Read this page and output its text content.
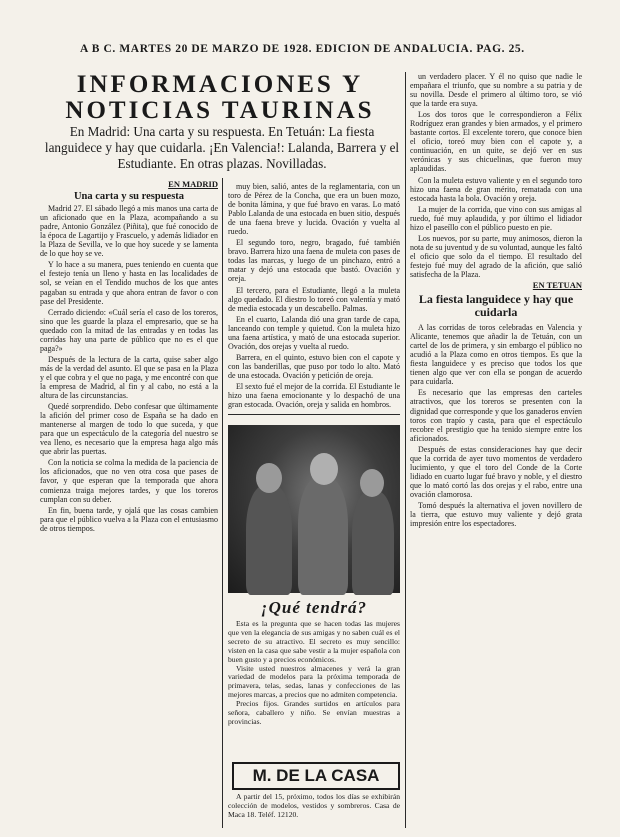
A B C. MARTES 20 DE MARZO DE 1928. EDICION DE ANDALUCIA. PAG. 25.
INFORMACIONES Y NOTICIAS TAURINAS
En Madrid: Una carta y su respuesta. En Tetuán: La fiesta languidece y hay que cuidarla. ¡En Valencia!: Lalanda, Barrera y el Estudiante. En otras plazas. Novilladas.
EN MADRID
Una carta y su respuesta

Madrid 27. El sábado llegó a mis manos una carta de un aficionado que en la Plaza, acompañando a su padre, Antonio González (Piñita), que fué conocido de la época de Lagartijo y Frascuelo, y además lidiador en la Plaza de Sevilla, ve lo que hoy sucede y se lamenta de lo que hoy se ve.

Y lo hace a su manera, pues teniendo en cuenta que el festejo tenía un lleno y hasta en las localidades de sol, se veían en el Tendido muchos de los que antes pagaban su entrada y que ahora entran de favor o con pase del Presidente.

Cerrado diciendo: «Cuál sería el caso de los toreros, sino que les guarde la plaza el empresario, que se ha quedado con la mitad de las entradas y en todas las corridas hay una parte de público que no es el que paga?»

Después de la lectura de la carta, quise saber algo más de la verdad del asunto. El que se pasa en la Plaza y el que cobra y el que no paga, y me encontré con que la empresa de Madrid, al fin y al cabo, no está a la altura de las circunstancias.

Quedé sorprendido. Debo confesar que últimamente la afición del primer coso de España se ha dado en mantenerse al margen de todo lo que suceda, y que para que un espectáculo de la categoría del nuestro se vea lleno, es necesario que la empresa haga algo más que abrir las puertas.

Con la noticia se colma la medida de la paciencia de los aficionados, que no ven otra cosa que pases de favor, y que esperan que la temporada que ahora comienza traiga mejores tardes, y que los toreros cumplan con su deber.

En fin, buena tarde, y ojalá que las cosas cambien para que el público vuelva a la Plaza con el entusiasmo de otros tiempos.

muy bien, salió, antes de la reglamentaria, con un toro de Pérez de la Concha, que era un buen mozo, de bonita lámina, y que fué bravo en varas. Lo mató Pablo Lalanda de una estocada en buen sitio, después de una faena breve y lucida. Ovación y vuelta al ruedo.

El segundo toro, negro, bragado, fué también bravo. Barrera hizo una faena de muleta con pases de todas las marcas, y luego de un pinchazo, entró a matar y dejó una estocada que bastó. Ovación y oreja.

El tercero, para el Estudiante, llegó a la muleta algo quedado. El diestro lo toreó con valentía y mató de media estocada y un descabello. Palmas.

En el cuarto, Lalanda dió una gran tarde de capa, lanceando con temple y quietud. Con la muleta hizo una faena artística, y mató de una estocada superior. Ovación, dos orejas y vuelta al ruedo.

Barrera, en el quinto, estuvo bien con el capote y con las banderillas, que puso por todo lo alto. Mató de una estocada. Ovación y petición de oreja.

El sexto fué el mejor de la corrida. El Estudiante le hizo una faena emocionante y lo despachó de una gran estocada. Ovación, oreja y salida en hombros.

¡Qué tendrá?

Esta es la pregunta que se hacen todas las mujeres que ven la elegancia de sus amigas y no saben cuál es el secreto de su atractivo. El secreto es muy sencillo: visten en la casa que sabe vestir a la mujer española con buen gusto y a precios económicos.

Visite usted nuestros almacenes y verá la gran variedad de modelos para la próxima temporada de primavera, telas, sedas, lanas y confecciones de las mejores marcas, a precios que no admiten competencia.

Precios fijos. Grandes surtidos en artículos para señora, caballero y niño. Se envían muestras a provincias.

M. DE LA CASA

A partir del 15, próximo, todos los días se exhibirán colección de modelos, vestidos y sombreros. Casa de Maca 18. Teléf. 12120.

un verdadero placer. Y él no quiso que nadie le empañara el triunfo, que su nombre a su patria y de su novilla. Desde el primero al último toro, se vió que la tarde era suya.

Los dos toros que le correspondieron a Félix Rodríguez eran grandes y bien armados, y el primero bastante cortos. El excelente torero, que conoce bien el oficio, toreó muy bien con el capote y, a continuación, en un quite, se dejó ver en sus verónicas y sus chicuelinas, que fueron muy aplaudidas.

Con la muleta estuvo valiente y en el segundo toro hizo una faena de gran mérito, rematada con una estocada hasta la bola. Ovación y oreja.

La mujer de la corrida, que vino con sus amigas al ruedo, fué muy aplaudida, y por último el lidiador hizo el paseíllo con el público puesto en pie.

Los nuevos, por su parte, muy animosos, dieron la nota de su juventud y de su voluntad, aunque les faltó el oficio que solo da el tiempo. El resultado del festejo fué muy del agrado de la afición, que salió satisfecha de la Plaza.

EN TETUAN
La fiesta languidece y hay que cuidarla

A las corridas de toros celebradas en Valencia y Alicante, tenemos que añadir la de Tetuán, con un cartel de los de primera, y sin embargo el público no acudió a la Plaza como en otros tiempos. Es que la fiesta languidece y es preciso que todos los que tienen algo que ver con ella se pongan de acuerdo para cuidarla.

Es necesario que las empresas den carteles atractivos, que los toreros se presenten con la dignidad que corresponde y que los ganaderos envíen toros con trapío y casta, para que el espectáculo recobre el prestigio que ha tenido siempre entre los aficionados.

Después de estas consideraciones hay que decir que la corrida de ayer tuvo momentos de verdadero lucimiento, y que el toro del Conde de la Corte lidiado en cuarto lugar fué bravo y noble, y el diestro que lo mató cortó las dos orejas y el rabo, entre una ovación clamorosa.

Tomó después la alternativa el joven novillero de la tierra, que estuvo muy valiente y dejó grata impresión entre los espectadores.
